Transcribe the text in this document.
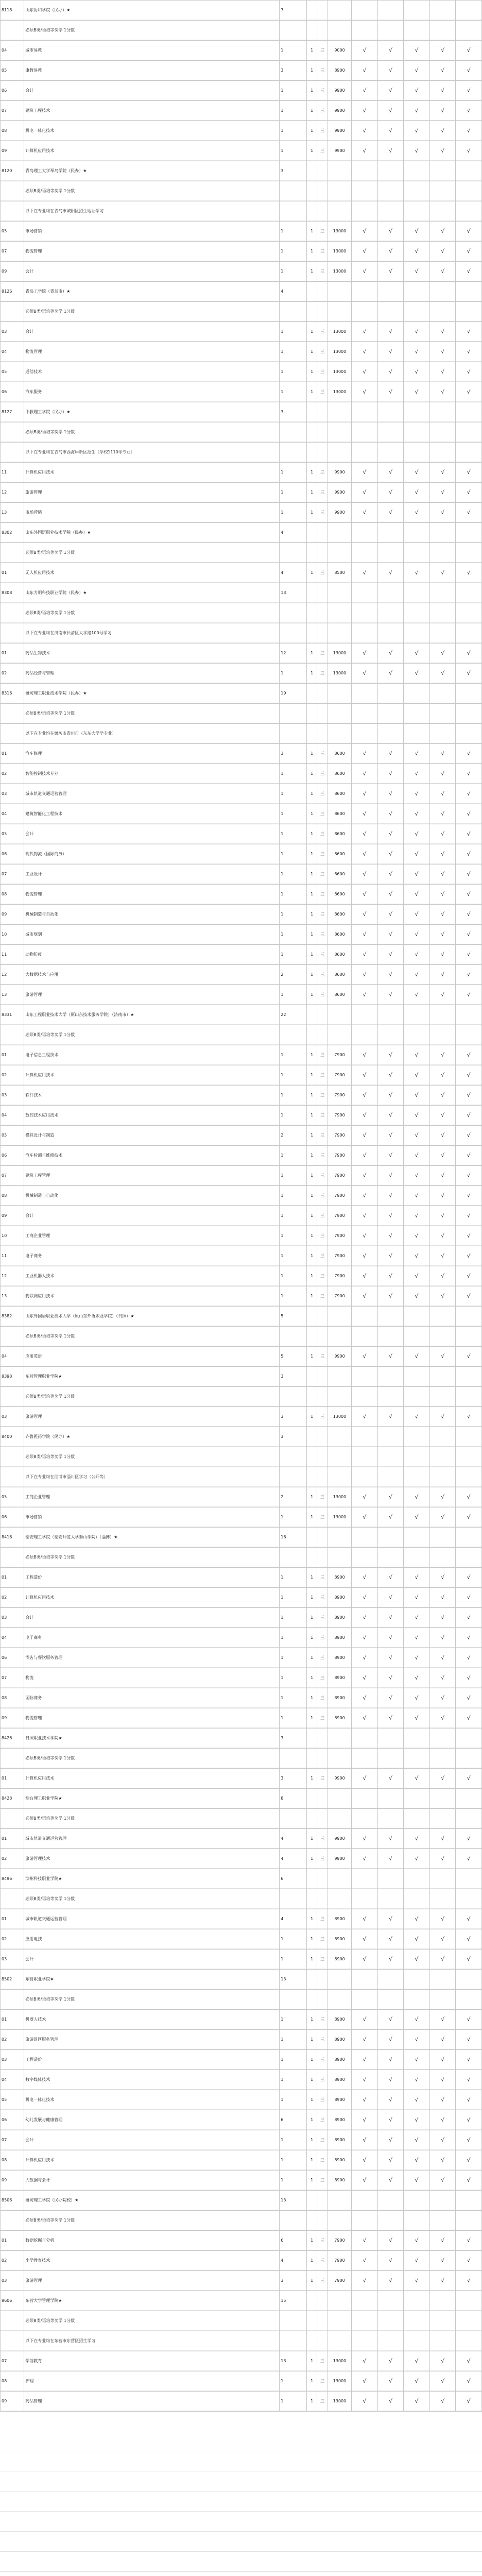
8118	山东协和学院（民办）★	7								
	必须B类/语培等奖学 1分数									
04	城市易教	1	1	三	9000	√	√	√	√	√
05	康教易教	3	1	三	8900	√	√	√	√	√
06	会计	1	1	三	9900	√	√	√	√	√
07	建筑工程技术	1	1	三	9900	√	√	√	√	√
08	机电一体化技术	1	1	三	9900	√	√	√	√	√
09	计算机应用技术	1	1	三	9900	√	√	√	√	√
8120	青岛理工大学琴岛学院（民办）★	3								
	必须B类/语培等奖学 1分数									
	以下在专业均在青岛市城阳区招生地址学习									
05	市场营销	1	1	三	13000	√	√	√	√	√
07	物流管理	1	1	三	13000	√	√	√	√	√
09	会计	1	1	三	13000	√	√	√	√	√
8126	青岛工学院（青岛市）★	4								
	必须B类/语培等奖学 1分数									
03	会计	1	1	三	13000	√	√	√	√	√
04	物流管理	1	1	三	13000	√	√	√	√	√
05	通信技术	1	1	三	13000	√	√	√	√	√
06	汽车服务	1	1	三	13000	√	√	√	√	√
8127	中教理工学院（民办）★	3								
	必须B类/语培等奖学 1分数									
	以下在专业均在青岛市西海岸新区招生（学校1110学专业）									
11	计算机应用技术	1	1	三	9900	√	√	√	√	√
12	旅游管理	1	1	三	9900	√	√	√	√	√
13	市场营销	1	1	三	9900	√	√	√	√	√
8302	山东外国语职业技术学院（民办）★	4								
	必须B类/语培等奖学 1分数									
01	无人机应用技术	4	1	三	8500	√	√	√	√	√
8308	山东力明科技职业学院（民办）★	13								
	必须B类/语培等奖学 1分数									
	以下在专业均在济南市长清区大学路100号学习									
01	药品生物技术	12	1	三	13000	√	√	√	√	√
02	药品经营与管理	1	1	三	13000	√	√	√	√	√
8316	潍坊理工职业技术学院（民办）★	19								
	必须B类/语培等奖学 1分数									
	以下在专业均在潍坊市青州市（东东大学学专业）									
01	汽车修理	3	1	三	8600	√	√	√	√	√
02	智能控制技术专业	1	1	三	8600	√	√	√	√	√
03	城市轨道交通运营管理	1	1	三	8600	√	√	√	√	√
04	建筑智能化工程技术	1	1	三	8600	√	√	√	√	√
05	会计	1	1	三	8600	√	√	√	√	√
06	现代物流（国际商务）	1	1	三	8600	√	√	√	√	√
07	工业设计	1	1	三	8600	√	√	√	√	√
08	物流管理	1	1	三	8600	√	√	√	√	√
09	机械制造与自动化	1	1	三	8600	√	√	√	√	√
10	城市规划	1	1	三	8600	√	√	√	√	√
11	动物防疫	1	1	三	8600	√	√	√	√	√
12	大数据技术与应用	2	1	三	8600	√	√	√	√	√
13	旅游管理	1	1	三	8600	√	√	√	√	√
8331	山东工程职业技术大学（原山东技术服务学院）（济南市）★	22								
	必须B类/语培等奖学 1分数									
01	电子信息工程技术	1	1	三	7900	√	√	√	√	√
02	计算机应用技术	1	1	三	7900	√	√	√	√	√
03	软件技术	1	1	三	7900	√	√	√	√	√
04	数控技术应用技术	1	1	三	7900	√	√	√	√	√
05	模具设计与制造	2	1	三	7900	√	√	√	√	√
06	汽车检测与维修技术	1	1	三	7900	√	√	√	√	√
07	建筑工程管理	1	1	三	7900	√	√	√	√	√
08	机械制造与自动化	1	1	三	7900	√	√	√	√	√
09	会计	1	1	三	7900	√	√	√	√	√
10	工商企业管理	1	1	三	7900	√	√	√	√	√
11	电子商务	1	1	三	7900	√	√	√	√	√
12	工业机器人技术	1	1	三	7900	√	√	√	√	√
13	物联网应用技术	1	1	三	7900	√	√	√	√	√
8382	山东外国语职业技术大学（原山东外语职业学院）（日照）★	5								
	必须B类/语培等奖学 1分数									
04	应用英语	5	1	三	9900	√	√	√	√	√
8398	东营管理职业学院★	3								
	必须B类/语培等奖学 1分数									
03	旅游管理	3	1	三	13000	√	√	√	√	√
8400	齐鲁医药学院（民办）★	3								
	必须B类/语培等奖学 1分数									
	以下在专业均在淄博市淄川区学习（公开等）									
05	工商企业管理	2	1	三	13000	√	√	√	√	√
06	市场营销	1	1	三	13000	√	√	√	√	√
8416	泰安理工学院（泰安师范大学泰山学院）（淄博）★	16								
	必须B类/语培等奖学 1分数									
01	工程造价	1	1	三	8900	√	√	√	√	√
02	计算机应用技术	1	1	三	8900	√	√	√	√	√
03	会计	1	1	三	8900	√	√	√	√	√
04	电子商务	1	1	三	8900	√	√	√	√	√
06	酒店与餐饮服务管理	1	1	三	8900	√	√	√	√	√
07	物流	1	1	三	8900	√	√	√	√	√
08	国际商务	1	1	三	8900	√	√	√	√	√
09	物流管理	1	1	三	8900	√	√	√	√	√
8426	日照职业技术学院★	3								
	必须B类/语培等奖学 1分数									
01	计算机应用技术	3	1	三	9900	√	√	√	√	√
8428	烟台理工职业学院★	8								
	必须B类/语培等奖学 1分数									
01	城市轨道交通运营管理	4	1	三	9900	√	√	√	√	√
02	旅游管理技术	4	1	三	9900	√	√	√	√	√
8496	滨州科技职业学院★	6								
	必须B类/语培等奖学 1分数									
01	城市轨道交通运营管理	4	1	三	8900	√	√	√	√	√
02	应用电技	1	1	三	8900	√	√	√	√	√
03	会计	1	1	三	8900	√	√	√	√	√
8502	东营职业学院★	13								
	必须B类/语培等奖学 1分数									
01	机器人技术	1	1	三	8900	√	√	√	√	√
02	旅游景区服务管理	1	1	三	8900	√	√	√	√	√
03	工程造价	1	1	三	8900	√	√	√	√	√
04	数字媒体技术	1	1	三	8900	√	√	√	√	√
05	机电一体化技术	1	1	三	8900	√	√	√	√	√
06	幼儿发展与健康管理	6	1	三	8900	√	√	√	√	√
07	会计	1	1	三	8900	√	√	√	√	√
08	计算机应用技术	1	1	三	8900	√	√	√	√	√
09	大数据与会计	1	1	三	8900	√	√	√	√	√
8506	潍坊理工学院（民办院校）★	13								
	必须B类/语培等奖学 1分数									
01	数据挖掘与分析	6	1	三	7900	√	√	√	√	√
02	小学教育技术	4	1	三	7900	√	√	√	√	√
03	旅游管理	3	1	三	7900	√	√	√	√	√
8606	东营大学管理学院★	15								
	必须B类/语培等奖学 1分数									
	以下在专业均在东营市东营区招生学习									
07	学前教育	13	1	三	13000	√	√	√	√	√
08	护理	1	1	三	13000	√	√	√	√	√
09	药品管理	1	1	三	13000	√	√	√	√	√
